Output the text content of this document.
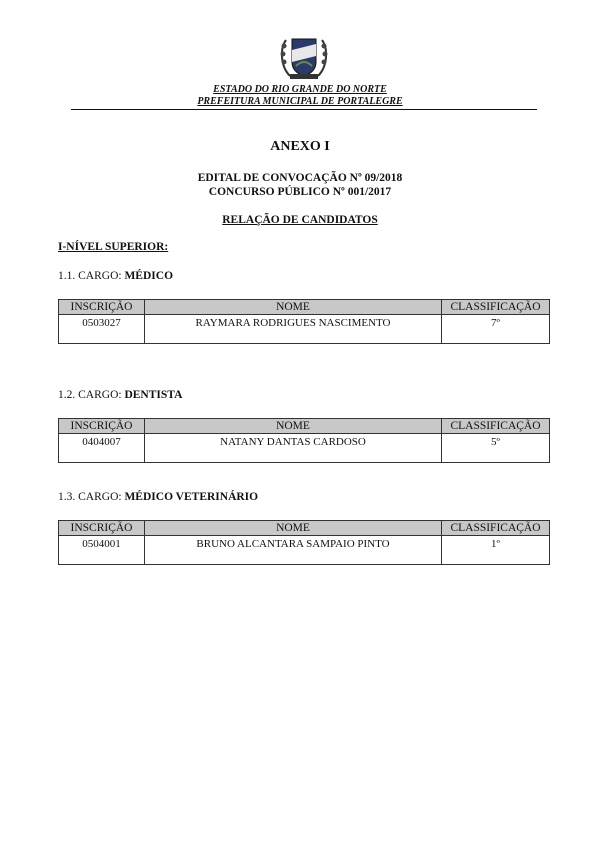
ESTADO DO RIO GRANDE DO NORTE
PREFEITURA MUNICIPAL DE PORTALEGRE
ANEXO I
EDITAL DE CONVOCAÇÃO Nº 09/2018
CONCURSO PÚBLICO Nº 001/2017
RELAÇÃO DE CANDIDATOS
I-NÍVEL SUPERIOR:
1.1. CARGO: MÉDICO
INSCRIÇÃO	NOME	CLASSIFICAÇÃO
0503027	RAYMARA RODRIGUES NASCIMENTO	7º
1.2. CARGO: DENTISTA
INSCRIÇÃO	NOME	CLASSIFICAÇÃO
0404007	NATANY DANTAS CARDOSO	5º
1.3. CARGO: MÉDICO VETERINÁRIO
INSCRIÇÃO	NOME	CLASSIFICAÇÃO
0504001	BRUNO ALCANTARA SAMPAIO PINTO	1º
